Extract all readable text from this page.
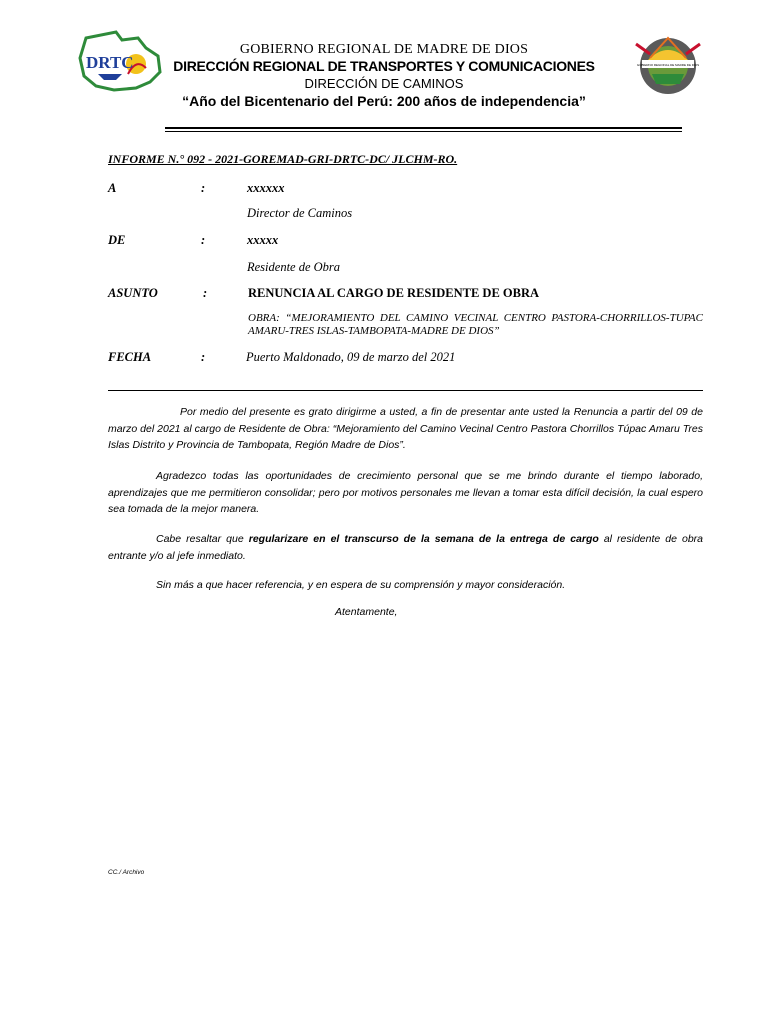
DRTC	GOBIERNO REGIONAL DE MADRE DE DIOS
GOBIERNO REGIONAL DE MADRE DE DIOS
DIRECCIÓN REGIONAL DE TRANSPORTES Y COMUNICACIONES
DIRECCIÓN DE CAMINOS
“Año del Bicentenario del Perú: 200 años de independencia”
INFORME N.° 092 - 2021-GOREMAD-GRI-DRTC-DC/ JLCHM-RO.
A	:	xxxxxx
Director de Caminos
DE	:	xxxxx
Residente de Obra
ASUNTO	:	RENUNCIA AL CARGO DE RESIDENTE DE OBRA
OBRA: “MEJORAMIENTO DEL CAMINO VECINAL CENTRO PASTORA-CHORRILLOS-TUPAC AMARU-TRES ISLAS-TAMBOPATA-MADRE DE DIOS”
FECHA	:	Puerto Maldonado, 09 de marzo del 2021
Por medio del presente es grato dirigirme a usted, a fin de presentar ante usted la Renuncia a partir del 09 de marzo del 2021 al cargo de Residente de Obra: “Mejoramiento del Camino Vecinal Centro Pastora Chorrillos Túpac Amaru Tres Islas Distrito y Provincia de Tambopata, Región Madre de Dios”.
Agradezco todas las oportunidades de crecimiento personal que se me brindo durante el tiempo laborado, aprendizajes que me permitieron consolidar; pero por motivos personales me llevan a tomar esta difícil decisión, la cual espero sea tomada de la mejor manera.
Cabe resaltar que regularizare en el transcurso de la semana de la entrega de cargo al residente de obra entrante y/o al jefe inmediato.
Sin más a que hacer referencia, y en espera de su comprensión y mayor consideración.
Atentamente,
CC./ Archivo
